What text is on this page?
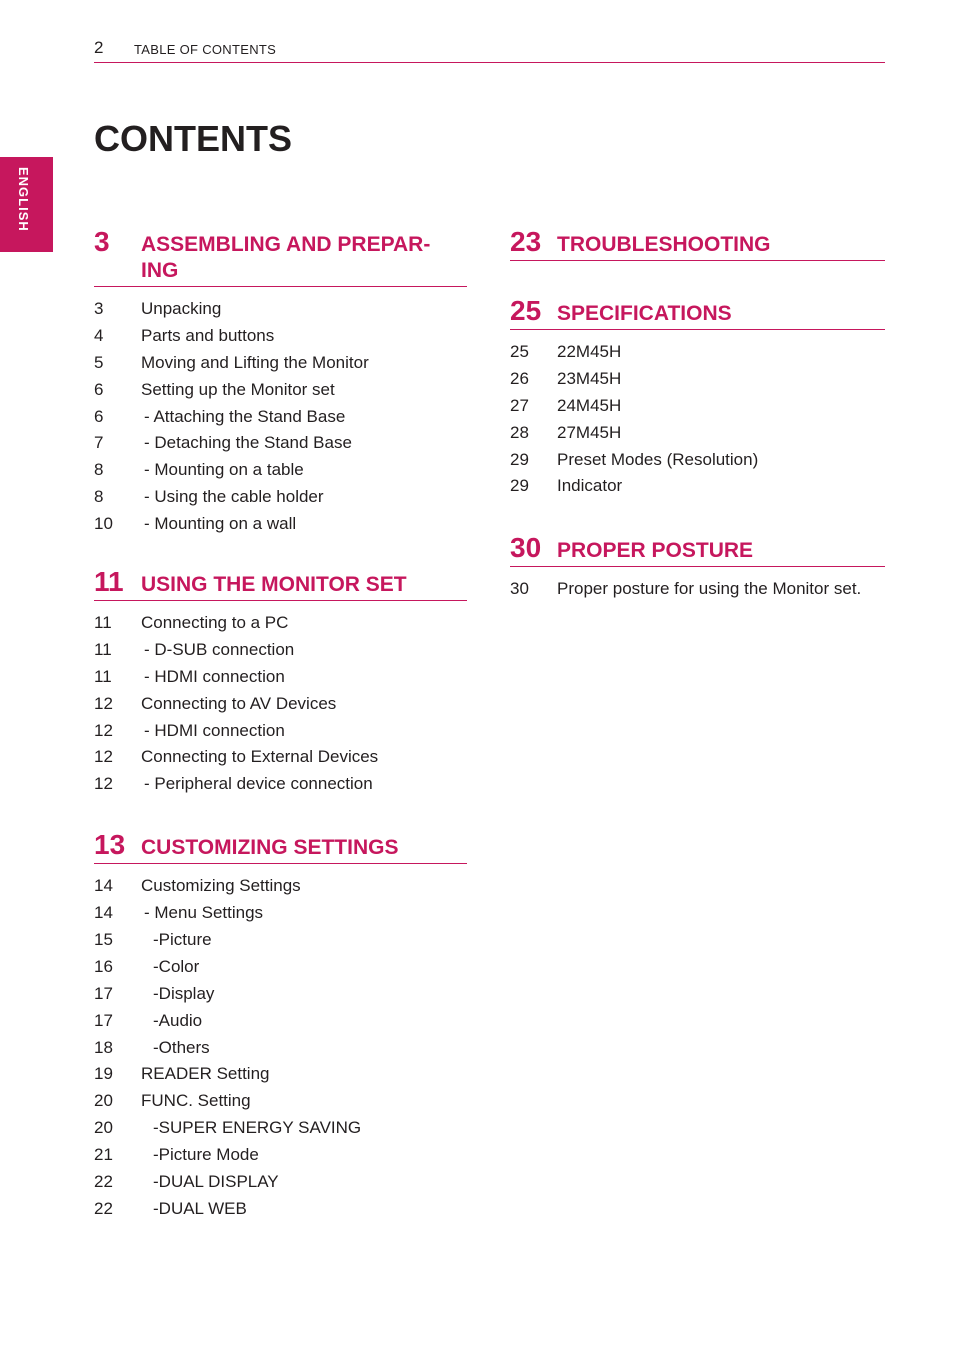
2 TABLE OF CONTENTS
ENGLISH
CONTENTS
3 ASSEMBLING AND PREPAR-
ING
3 Unpacking
4 Parts and buttons
5 Moving and Lifting the Monitor
6 Setting up the Monitor set
6 - Attaching the Stand Base
7 - Detaching the Stand Base
8 - Mounting on a table
8 - Using the cable holder
10 - Mounting on a wall
11 USING THE MONITOR SET
11 Connecting to a PC
11 - D-SUB connection
11 - HDMI connection
12 Connecting to AV Devices
12 - HDMI connection
12 Connecting to External Devices
12 - Peripheral device connection
13 CUSTOMIZING SETTINGS
14 Customizing Settings
14 - Menu Settings
15 -Picture
16 -Color
17 -Display
17 -Audio
18 -Others
19 READER Setting
20 FUNC. Setting
20 -SUPER ENERGY SAVING
21 -Picture Mode
22 -DUAL DISPLAY
22 -DUAL WEB
23 TROUBLESHOOTING
25 SPECIFICATIONS
25 22M45H
26 23M45H
27 24M45H
28 27M45H
29 Preset Modes (Resolution)
29 Indicator
30 PROPER POSTURE
30 Proper posture for using the Monitor set.
